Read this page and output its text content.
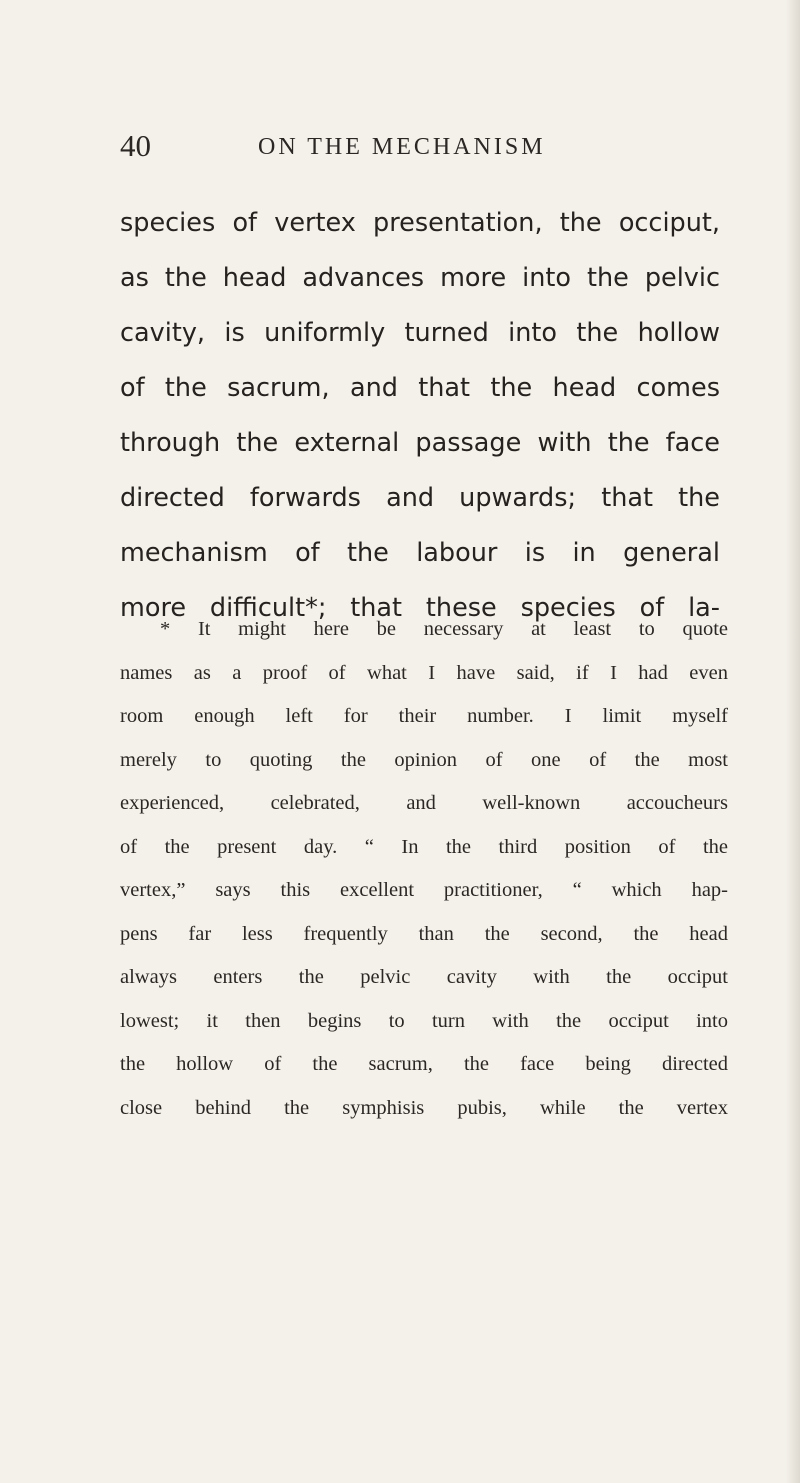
40	ON THE MECHANISM

species of vertex presentation, the occiput,
as the head advances more into the pelvic
cavity, is uniformly turned into the hollow
of the sacrum, and that the head comes
through the external passage with the face
directed forwards and upwards; that the
mechanism of the labour is in general
more difficult*; that these species of la-

* It might here be necessary at least to quote
names as a proof of what I have said, if I had even
room enough left for their number. I limit myself
merely to quoting the opinion of one of the most
experienced, celebrated, and well-known accoucheurs
of the present day. “ In the third position of the
vertex,” says this excellent practitioner, “ which hap-
pens far less frequently than the second, the head
always enters the pelvic cavity with the occiput
lowest; it then begins to turn with the occiput into
the hollow of the sacrum, the face being directed
close behind the symphisis pubis, while the vertex
